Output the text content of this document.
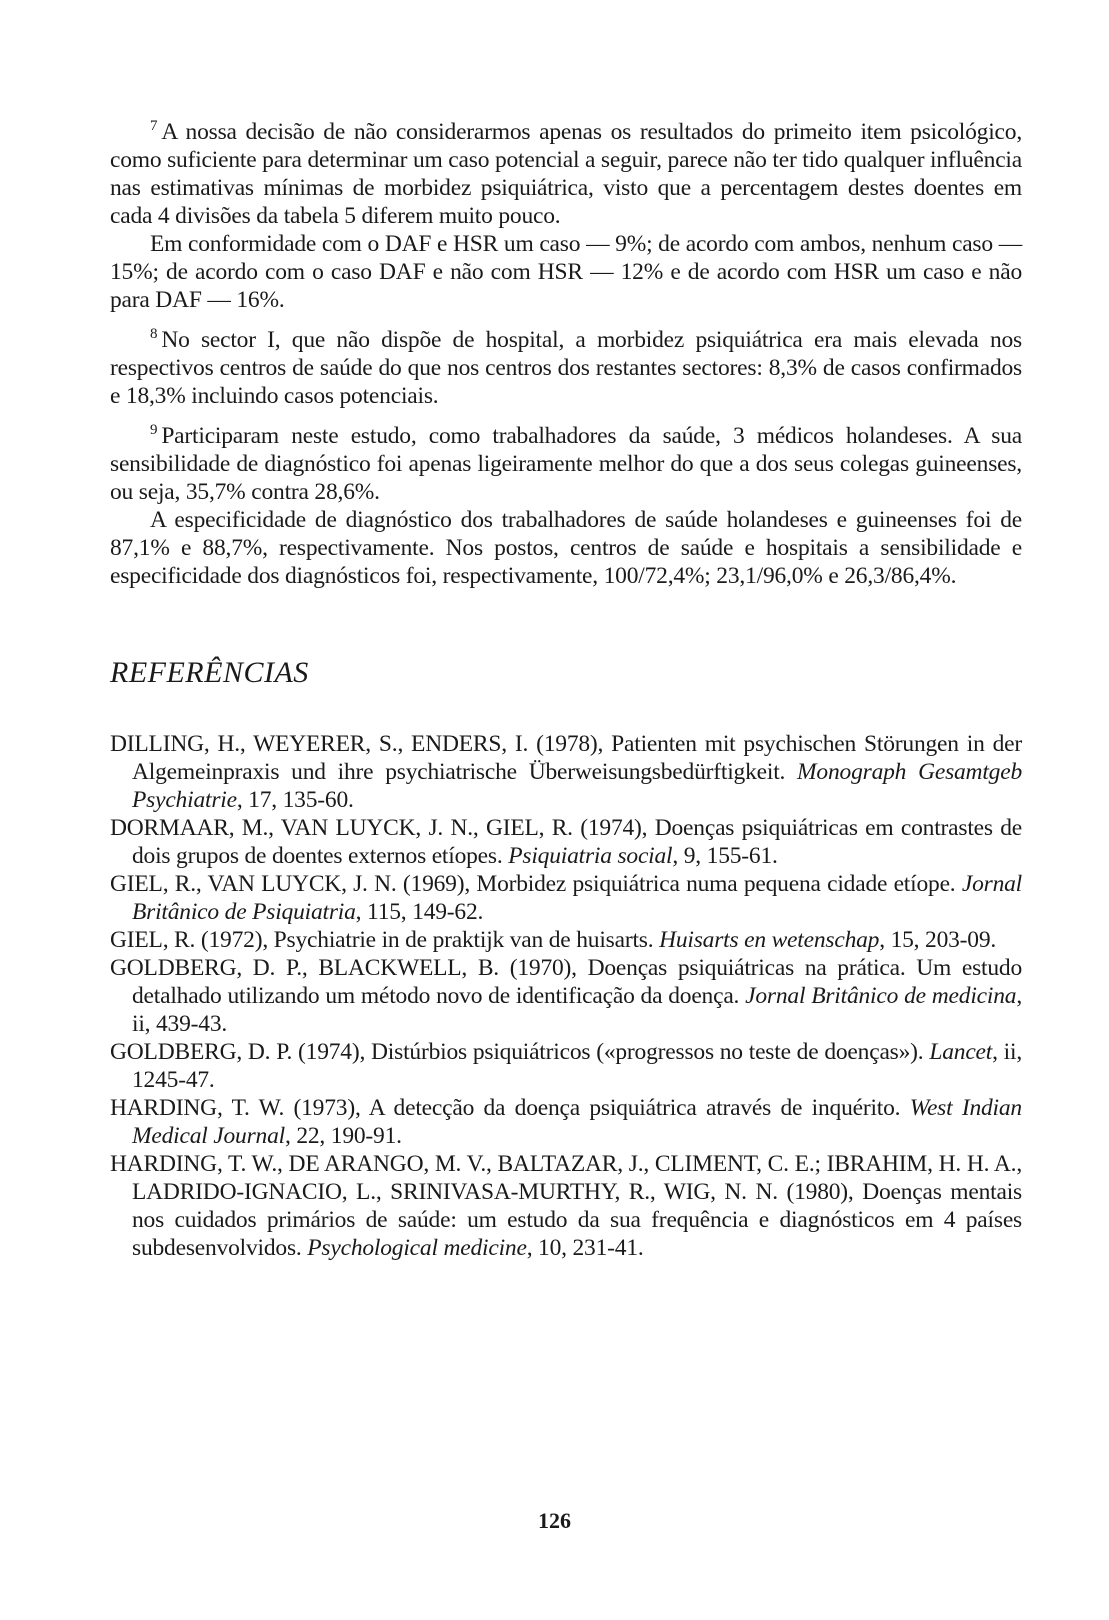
$^7$ A nossa decisão de não considerarmos apenas os resultados do primeito item psicológico, como suficiente para determinar um caso potencial a seguir, parece não ter tido qualquer influência nas estimativas mínimas de morbidez psiquiátrica, visto que a percentagem destes doentes em cada 4 divisões da tabela 5 diferem muito pouco.

Em conformidade com o DAF e HSR um caso — 9%; de acordo com ambos, nenhum caso — 15%; de acordo com o caso DAF e não com HSR — 12% e de acordo com HSR um caso e não para DAF — 16%.

$^8$ No sector I, que não dispõe de hospital, a morbidez psiquiátrica era mais elevada nos respectivos centros de saúde do que nos centros dos restantes sectores: 8,3% de casos confirmados e 18,3% incluindo casos potenciais.

$^9$ Participaram neste estudo, como trabalhadores da saúde, 3 médicos holandeses. A sua sensibilidade de diagnóstico foi apenas ligeiramente melhor do que a dos seus colegas guineenses, ou seja, 35,7% contra 28,6%.

A especificidade de diagnóstico dos trabalhadores de saúde holandeses e guineenses foi de 87,1% e 88,7%, respectivamente. Nos postos, centros de saúde e hospitais a sensibilidade e especificidade dos diagnósticos foi, respectivamente, 100/72,4%; 23,1/96,0% e 26,3/86,4%.

REFERÊNCIAS

DILLING, H., WEYERER, S., ENDERS, I. (1978), Patienten mit psychischen Störungen in der Algemeinpraxis und ihre psychiatrische Überweisungsbedürftigkeit. Monograph Gesamtgeb Psychiatrie, 17, 135-60.

DORMAAR, M., VAN LUYCK, J. N., GIEL, R. (1974), Doenças psiquiátricas em contrastes de dois grupos de doentes externos etíopes. Psiquiatria social, 9, 155-61.

GIEL, R., VAN LUYCK, J. N. (1969), Morbidez psiquiátrica numa pequena cidade etíope. Jornal Britânico de Psiquiatria, 115, 149-62.

GIEL, R. (1972), Psychiatrie in de praktijk van de huisarts. Huisarts en wetenschap, 15, 203-09.

GOLDBERG, D. P., BLACKWELL, B. (1970), Doenças psiquiátricas na prática. Um estudo detalhado utilizando um método novo de identificação da doença. Jornal Britânico de medicina, ii, 439-43.

GOLDBERG, D. P. (1974), Distúrbios psiquiátricos («progressos no teste de doenças»). Lancet, ii, 1245-47.

HARDING, T. W. (1973), A detecção da doença psiquiátrica através de inquérito. West Indian Medical Journal, 22, 190-91.

HARDING, T. W., DE ARANGO, M. V., BALTAZAR, J., CLIMENT, C. E.; IBRAHIM, H. H. A., LADRIDO-IGNACIO, L., SRINIVASA-MURTHY, R., WIG, N. N. (1980), Doenças mentais nos cuidados primários de saúde: um estudo da sua frequência e diagnósticos em 4 países subdesenvolvidos. Psychological medicine, 10, 231-41.

126
